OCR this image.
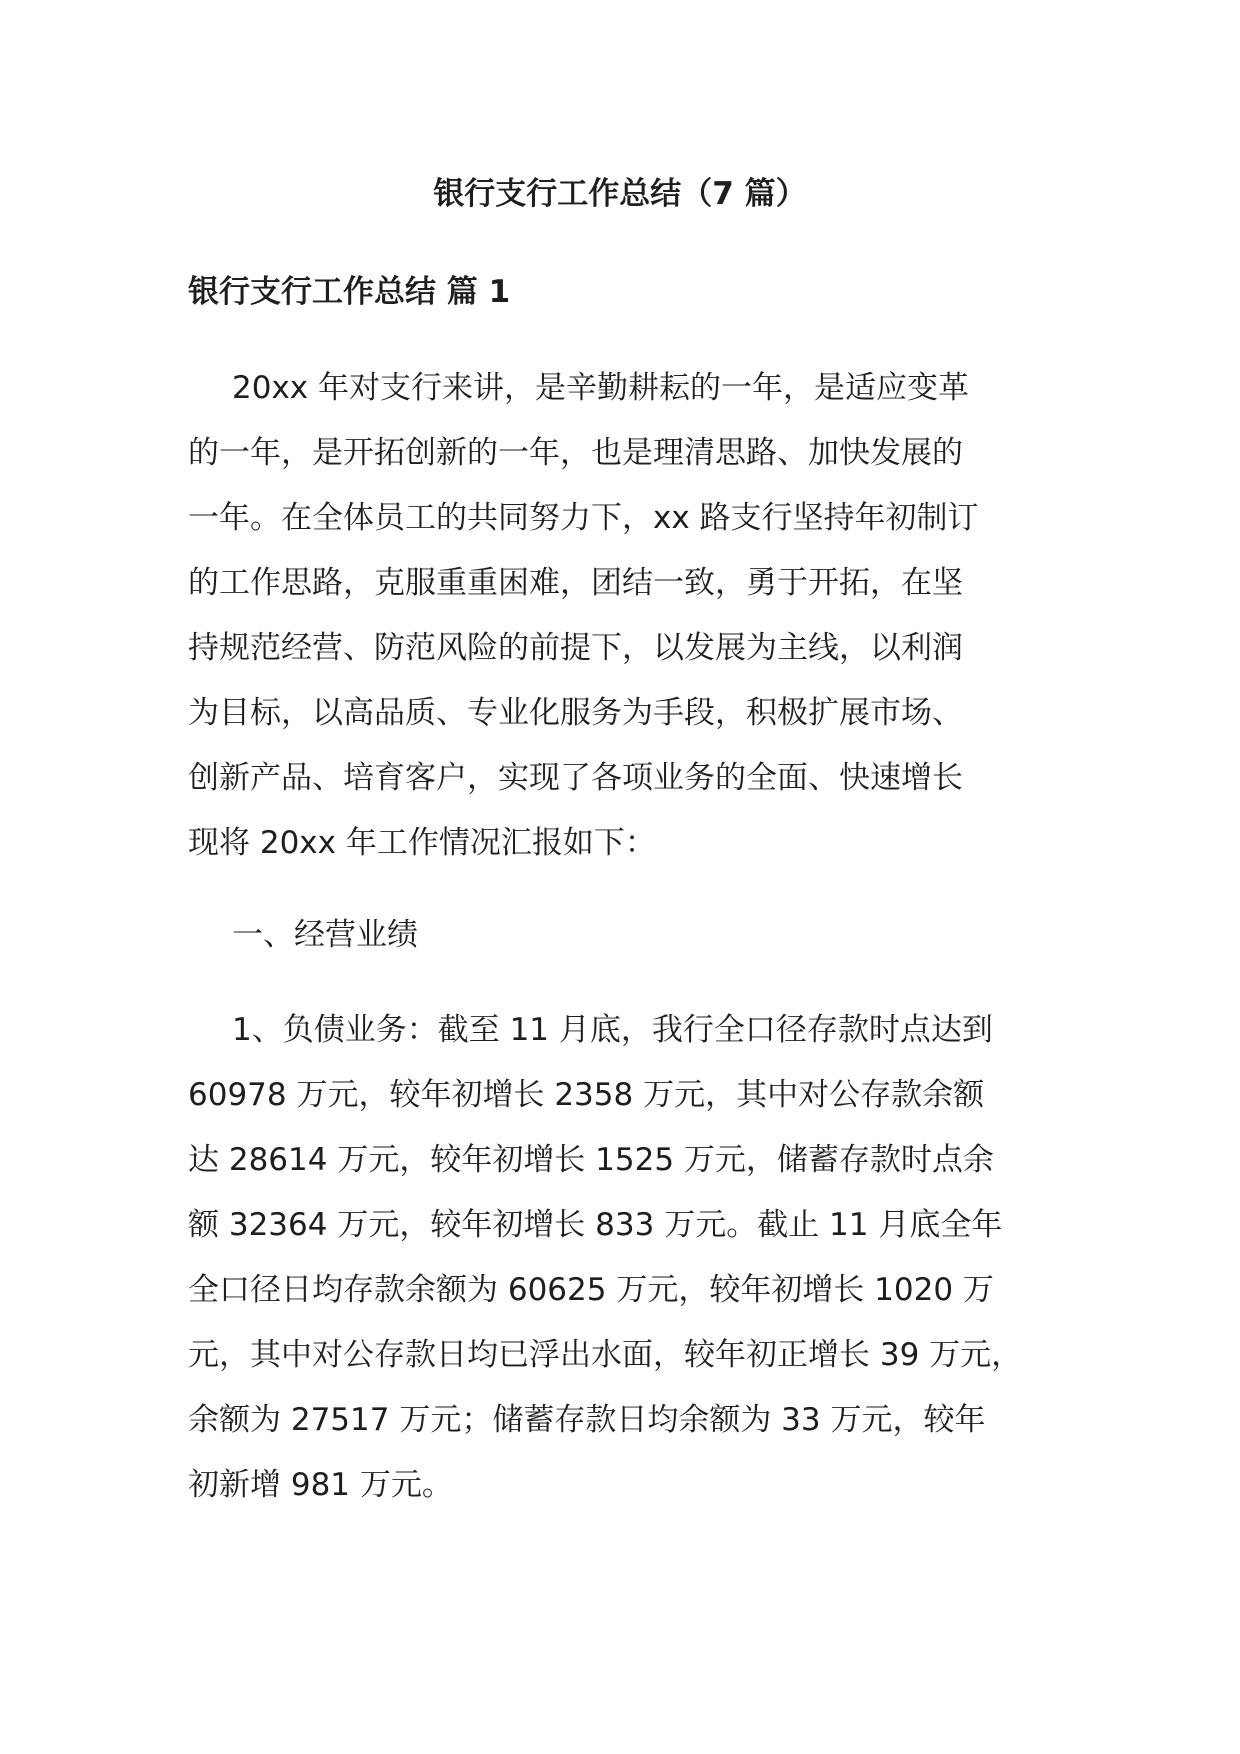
银行支行工作总结（7 篇）
银行支行工作总结 篇 1
20xx 年对支行来讲，是辛勤耕耘的一年，是适应变革
的一年，是开拓创新的一年，也是理清思路、加快发展的
一年。在全体员工的共同努力下，xx 路支行坚持年初制订
的工作思路，克服重重困难，团结一致，勇于开拓，在坚
持规范经营、防范风险的前提下，以发展为主线，以利润
为目标，以高品质、专业化服务为手段，积极扩展市场、
创新产品、培育客户，实现了各项业务的全面、快速增长
现将 20xx 年工作情况汇报如下：
一、经营业绩
1、负债业务：截至 11 月底，我行全口径存款时点达到
60978 万元，较年初增长 2358 万元，其中对公存款余额
达 28614 万元，较年初增长 1525 万元，储蓄存款时点余
额 32364 万元，较年初增长 833 万元。截止 11 月底全年
全口径日均存款余额为 60625 万元，较年初增长 1020 万
元，其中对公存款日均已浮出水面，较年初正增长 39 万元，
余额为 27517 万元；储蓄存款日均余额为 33 万元，较年
初新增 981 万元。
